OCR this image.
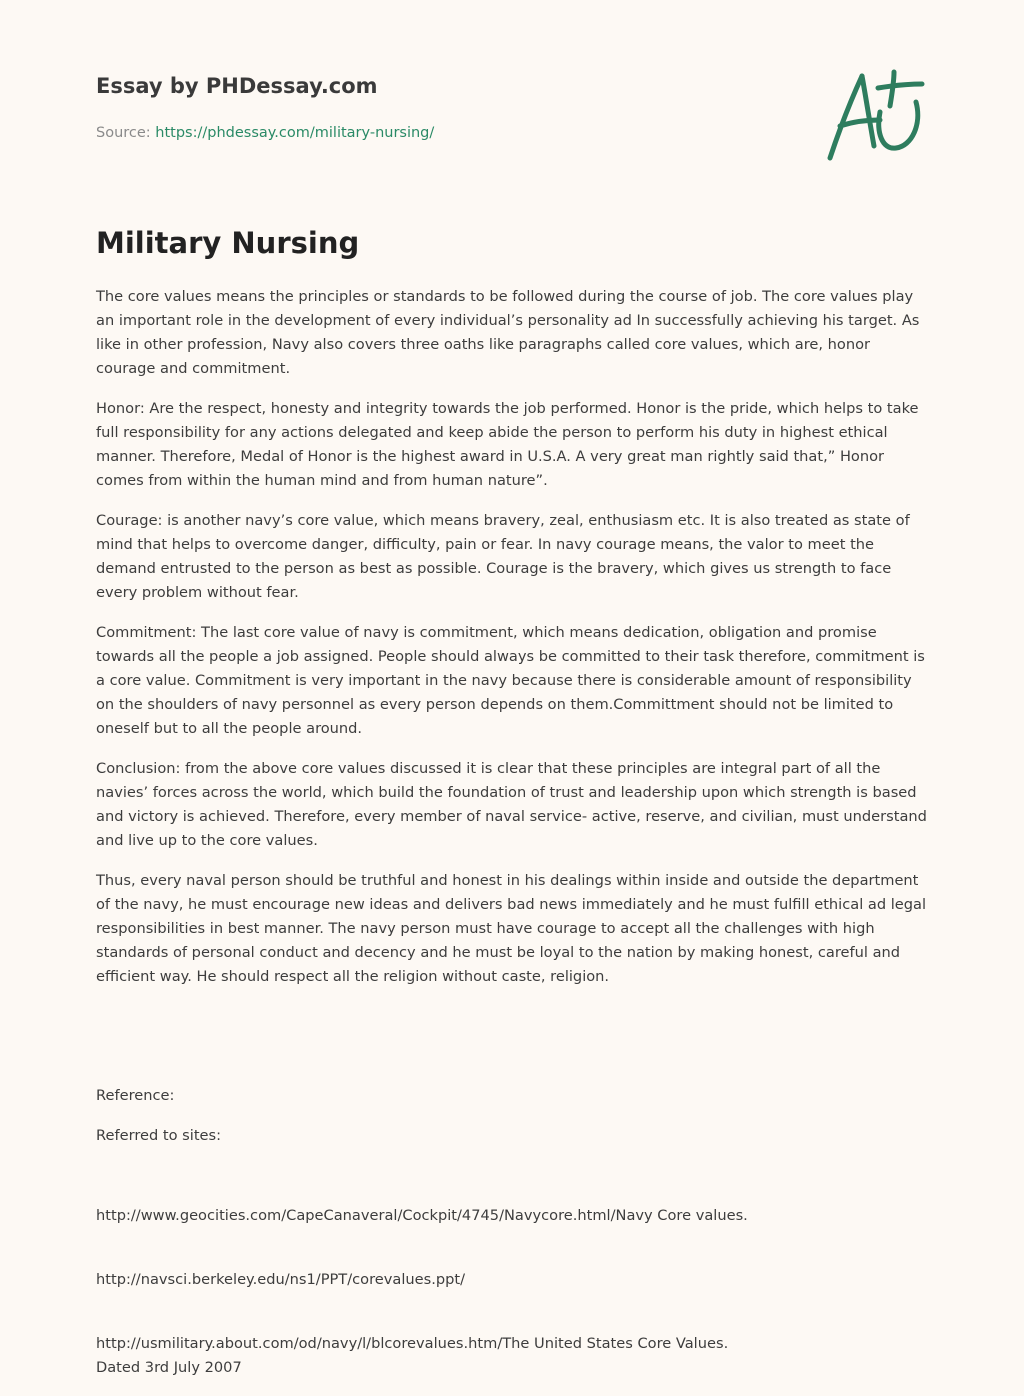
Essay by PHDessay.com
Source: https://phdessay.com/military-nursing/
Military Nursing

The core values means the principles or standards to be followed during the course of job. The core values play an important role in the development of every individual’s personality ad In successfully achieving his target. As like in other profession, Navy also covers three oaths like paragraphs called core values, which are, honor courage and commitment.

Honor: Are the respect, honesty and integrity towards the job performed. Honor is the pride, which helps to take full responsibility for any actions delegated and keep abide the person to perform his duty in highest ethical manner. Therefore, Medal of Honor is the highest award in U.S.A. A very great man rightly said that,” Honor comes from within the human mind and from human nature”.

Courage: is another navy’s core value, which means bravery, zeal, enthusiasm etc. It is also treated as state of mind that helps to overcome danger, difficulty, pain or fear. In navy courage means, the valor to meet the demand entrusted to the person as best as possible. Courage is the bravery, which gives us strength to face every problem without fear.

Commitment: The last core value of navy is commitment, which means dedication, obligation and promise towards all the people a job assigned. People should always be committed to their task therefore, commitment is a core value. Commitment is very important in the navy because there is considerable amount of responsibility on the shoulders of navy personnel as every person depends on them.Committment should not be limited to oneself but to all the people around.

Conclusion: from the above core values discussed it is clear that these principles are integral part of all the navies’ forces across the world, which build the foundation of trust and leadership upon which strength is based and victory is achieved. Therefore, every member of naval service- active, reserve, and civilian, must understand and live up to the core values.

Thus, every naval person should be truthful and honest in his dealings within inside and outside the department of the navy, he must encourage new ideas and delivers bad news immediately and he must fulfill ethical ad legal responsibilities in best manner. The navy person must have courage to accept all the challenges with high standards of personal conduct and decency and he must be loyal to the nation by making honest, careful and efficient way. He should respect all the religion without caste, religion.

Reference:

Referred to sites:

http://www.geocities.com/CapeCanaveral/Cockpit/4745/Navycore.html/Navy Core values.

http://navsci.berkeley.edu/ns1/PPT/corevalues.ppt/

http://usmilitary.about.com/od/navy/l/blcorevalues.htm/The United States Core Values.

Dated 3rd July 2007
